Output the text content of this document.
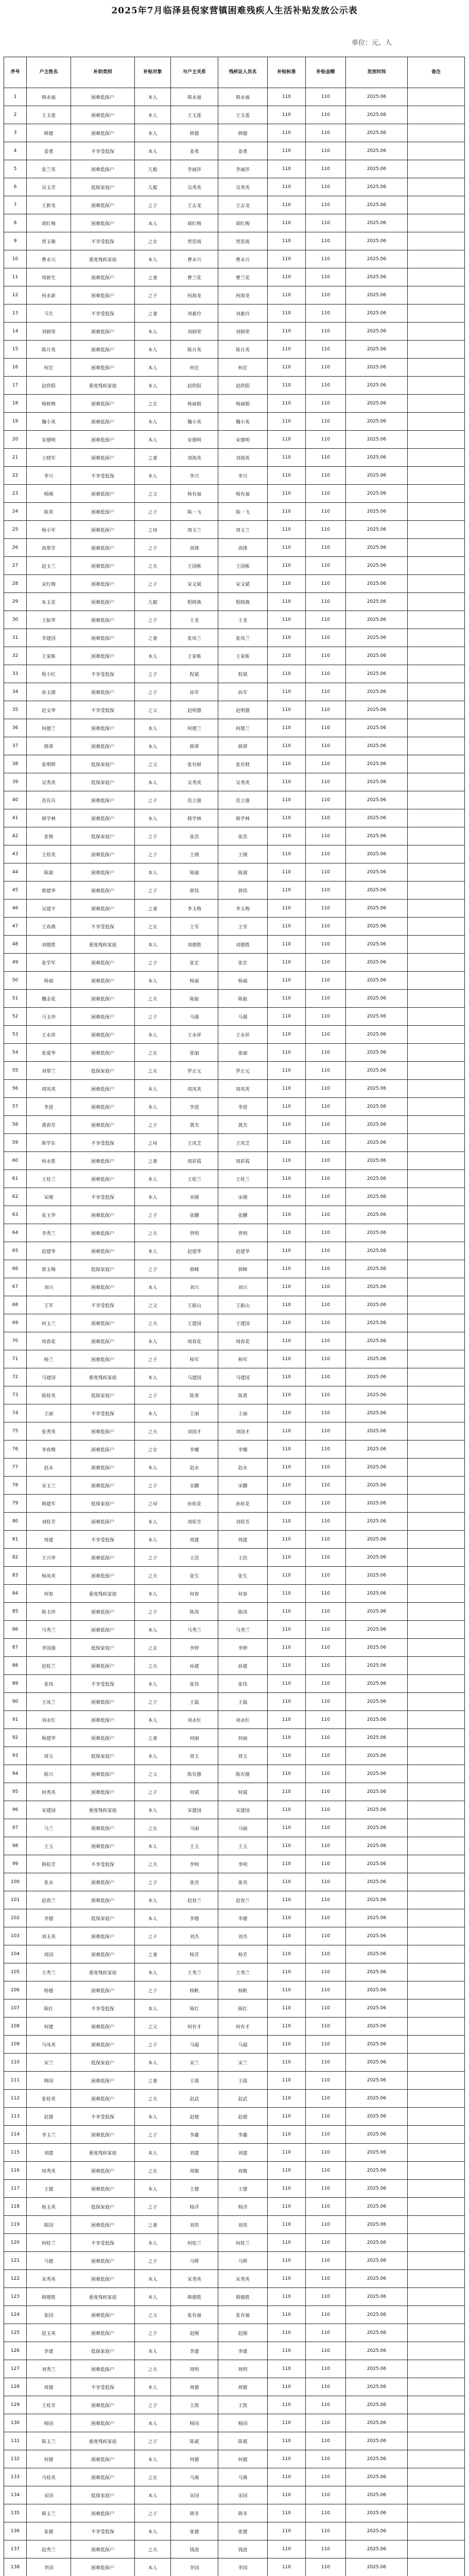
2025年7月临泽县倪家营镇困难残疾人生活补贴发放公示表
单位：元、人
序号	户主姓名	补助类别	补贴对象	与户主关系	残疾证人员名	补贴标准	补贴金额	发放时间	备注
1	韩永福	困难低保户	本人	韩永福	韩永福	110	110	2025.06	
2	王玉莲	困难低保户	本人	王玉莲	王玉莲	110	110	2025.06	
3	韩德	困难低保户	本人	韩德	韩德	110	110	2025.06	
4	姜勇	不享受低保	本人	姜勇	姜勇	110	110	2025.06	
5	张兰英	困难低保户	儿媳	李丽莎	李丽莎	110	110	2025.06	
6	吴玉芳	低保家庭户	儿媳	吴秀英	吴秀英	110	110	2025.06	
7	王新龙	困难低保户	之子	王志龙	王志龙	110	110	2025.06	
8	胡红梅	困难低保户	本人	胡红梅	胡红梅	110	110	2025.06	
9	贾玉敏	不享受低保	之女	贾思雨	贾思雨	110	110	2025.06	
10	曹永兴	重度残疾家庭	本人	曹永兴	曹永兴	110	110	2025.06	
11	周新生	困难低保户	之妻	曹兰花	曹兰花	110	110	2025.06	
12	何永新	困难低保户	之子	何海龙	何海龙	110	110	2025.06	
13	马生	不享受低保	之妻	刘素玲	刘素玲	110	110	2025.06	
14	刘炳荣	困难低保户	本人	刘炳荣	刘炳荣	110	110	2025.06	
15	陈月英	困难低保户	本人	陈月英	陈月英	110	110	2025.06	
16	何宏	困难低保户	本人	何宏	何宏	110	110	2025.06	
17	赵欣阳	重度残疾家庭	本人	赵欣阳	赵欣阳	110	110	2025.06	
18	杨秋梅	困难低保户	之女	杨丽娟	杨丽娟	110	110	2025.06	
19	魏小英	困难低保户	本人	魏小英	魏小英	110	110	2025.06	
20	宋德明	困难低保户	本人	宋德明	宋德明	110	110	2025.06	
21	王晓军	困难低保户	之妻	刘海英	刘海英	110	110	2025.06	
22	李兴	不享受低保	本人	李兴	李兴	110	110	2025.06	
23	杨刚	困难低保户	之父	杨有福	杨有福	110	110	2025.06	
24	陈英	困难低保户	之子	陈一飞	陈一飞	110	110	2025.06	
25	杨小军	困难低保户	之母	周玉兰	周玉兰	110	110	2025.06	
26	高翠芳	困难低保户	之子	高锋	高锋	110	110	2025.06	
27	赵玉兰	困难低保户	之夫	王国栋	王国栋	110	110	2025.06	
28	宋红梅	困难低保户	之子	宋文斌	宋文斌	110	110	2025.06	
29	朱玉花	困难低保户	儿媳	程晓燕	程晓燕	110	110	2025.06	
30	王振华	困难低保户	之子	王龙	王龙	110	110	2025.06	
31	李建国	困难低保户	之妻	张凤兰	张凤兰	110	110	2025.06	
32	王家栋	困难低保户	本人	王家栋	王家栋	110	110	2025.06	
33	程小红	不享受低保	之子	程斌	程斌	110	110	2025.06	
34	孙玉德	困难低保户	之子	孙军	孙军	110	110	2025.06	
35	赵文华	不享受低保	之父	赵明德	赵明德	110	110	2025.06	
36	何德兰	困难低保户	本人	何德兰	何德兰	110	110	2025.06	
37	韩翠	困难低保户	本人	韩翠	韩翠	110	110	2025.06	
38	张明辉	低保家庭户	之父	张有财	张有财	110	110	2025.06	
39	吴秀英	低保家庭户	本人	吴秀英	吴秀英	110	110	2025.06	
40	范有兵	困难低保户	之子	范立强	范立强	110	110	2025.06	
41	韩学林	困难低保户	本人	韩学林	韩学林	110	110	2025.06	
42	张俊	低保家庭户	之子	张浩	张浩	110	110	2025.06	
43	王桂英	困难低保户	之子	王刚	王刚	110	110	2025.06	
44	陈淑	困难低保户	本人	陈淑	陈淑	110	110	2025.06	
45	郭建华	困难低保户	之子	郭伟	郭伟	110	110	2025.06	
46	吴建平	困难低保户	之妻	李玉梅	李玉梅	110	110	2025.06	
47	王春燕	不享受低保	之女	王雪	王雪	110	110	2025.06	
48	刘德胜	重度残疾家庭	本人	刘德胜	刘德胜	110	110	2025.06	
49	张学军	困难低保户	之子	张宏	张宏	110	110	2025.06	
50	杨福	困难低保户	本人	杨福	杨福	110	110	2025.06	
51	魏金花	困难低保户	之夫	陈振	陈振	110	110	2025.06	
52	马玉珍	困难低保户	之子	马强	马强	110	110	2025.06	
53	王永祥	困难低保户	本人	王永祥	王永祥	110	110	2025.06	
54	张爱华	困难低保户	之女	张丽	张丽	110	110	2025.06	
55	刘翠兰	低保家庭户	之夫	罗正元	罗正元	110	110	2025.06	
56	周凤英	困难低保户	本人	周凤英	周凤英	110	110	2025.06	
57	李进	困难低保户	本人	李进	李进	110	110	2025.06	
58	黄春芳	困难低保户	之子	黄杰	黄杰	110	110	2025.06	
59	陈学东	不享受低保	之母	王凤芝	王凤芝	110	110	2025.06	
60	何永胜	困难低保户	之妻	周彩霞	周彩霞	110	110	2025.06	
61	王桂兰	困难低保户	本人	王桂兰	王桂兰	110	110	2025.06	
62	宋刚	不享受低保	本人	宋刚	宋刚	110	110	2025.06	
63	张玉华	困难低保户	之子	张鹏	张鹏	110	110	2025.06	
64	李秀兰	困难低保户	之夫	贾明	贾明	110	110	2025.06	
65	赵建华	困难低保户	本人	赵建华	赵建华	110	110	2025.06	
66	郭玉梅	低保家庭户	之子	郭峰	郭峰	110	110	2025.06	
67	刘兴	困难低保户	本人	刘兴	刘兴	110	110	2025.06	
68	王军	不享受低保	之父	王振山	王振山	110	110	2025.06	
69	何玉兰	困难低保户	之夫	王建国	王建国	110	110	2025.06	
70	周春花	困难低保户	本人	周春花	周春花	110	110	2025.06	
71	杨兰	困难低保户	之子	杨军	杨军	110	110	2025.06	
72	马建国	重度残疾家庭	本人	马建国	马建国	110	110	2025.06	
73	陈桂英	低保家庭户	之子	陈勇	陈勇	110	110	2025.06	
74	王丽	不享受低保	本人	王丽	王丽	110	110	2025.06	
75	张秀英	困难低保户	之夫	刘国才	刘国才	110	110	2025.06	
76	李春梅	困难低保户	之女	李娜	李娜	110	110	2025.06	
77	赵永	困难低保户	本人	赵永	赵永	110	110	2025.06	
78	宋玉兰	困难低保户	之子	宋鹏	宋鹏	110	110	2025.06	
79	韩建军	低保家庭户	之母	孙桂花	孙桂花	110	110	2025.06	
80	刘桂芳	困难低保户	本人	刘桂芳	刘桂芳	110	110	2025.06	
81	周建	不享受低保	本人	周建	周建	110	110	2025.06	
82	王兴华	困难低保户	之子	王浩	王浩	110	110	2025.06	
83	杨凤英	困难低保户	之夫	张生	张生	110	110	2025.06	
84	何春	重度残疾家庭	本人	何春	何春	110	110	2025.06	
85	陈玉珍	困难低保户	之子	陈涛	陈涛	110	110	2025.06	
86	马秀兰	困难低保户	本人	马秀兰	马秀兰	110	110	2025.06	
87	李国强	低保家庭户	之女	李婷	李婷	110	110	2025.06	
88	赵桂兰	困难低保户	之夫	孙建	孙建	110	110	2025.06	
89	张伟	不享受低保	本人	张伟	张伟	110	110	2025.06	
90	王凤兰	困难低保户	之子	王磊	王磊	110	110	2025.06	
91	刘永红	困难低保户	本人	刘永红	刘永红	110	110	2025.06	
92	杨建华	困难低保户	之妻	何丽	何丽	110	110	2025.06	
93	周玉	低保家庭户	本人	周玉	周玉	110	110	2025.06	
94	陈兴	困难低保户	之父	陈有德	陈有德	110	110	2025.06	
95	何秀英	困难低保户	之子	何斌	何斌	110	110	2025.06	
96	宋建国	重度残疾家庭	本人	宋建国	宋建国	110	110	2025.06	
97	马兰	困难低保户	之女	马丽	马丽	110	110	2025.06	
98	王玉	困难低保户	本人	王玉	王玉	110	110	2025.06	
99	韩桂芳	不享受低保	之夫	李明	李明	110	110	2025.06	
100	张永	困难低保户	之子	张亮	张亮	110	110	2025.06	
101	赵春兰	困难低保户	本人	赵春兰	赵春兰	110	110	2025.06	
102	李德	低保家庭户	本人	李德	李德	110	110	2025.06	
103	刘玉英	困难低保户	之子	刘杰	刘杰	110	110	2025.06	
104	周国	困难低保户	之妻	杨芳	杨芳	110	110	2025.06	
105	王秀兰	重度残疾家庭	本人	王秀兰	王秀兰	110	110	2025.06	
106	杨德	困难低保户	之子	杨帆	杨帆	110	110	2025.06	
107	陈红	不享受低保	本人	陈红	陈红	110	110	2025.06	
108	何建	困难低保户	之父	何有才	何有才	110	110	2025.06	
109	马凤英	困难低保户	之子	马超	马超	110	110	2025.06	
110	宋兰	低保家庭户	本人	宋兰	宋兰	110	110	2025.06	
111	韩国	困难低保户	之妻	王霞	王霞	110	110	2025.06	
112	张桂英	困难低保户	之夫	赵武	赵武	110	110	2025.06	
113	赵德	不享受低保	本人	赵德	赵德	110	110	2025.06	
114	李玉兰	困难低保户	之子	李鑫	李鑫	110	110	2025.06	
115	刘建	重度残疾家庭	本人	刘建	刘建	110	110	2025.06	
116	周秀英	困难低保户	之女	周敏	周敏	110	110	2025.06	
117	王德	困难低保户	本人	王德	王德	110	110	2025.06	
118	杨玉英	低保家庭户	之子	杨洋	杨洋	110	110	2025.06	
119	陈国	困难低保户	之妻	刘英	刘英	110	110	2025.06	
120	何桂兰	不享受低保	本人	何桂兰	何桂兰	110	110	2025.06	
121	马德	困难低保户	之子	马辉	马辉	110	110	2025.06	
122	宋秀英	困难低保户	本人	宋秀英	宋秀英	110	110	2025.06	
123	韩德胜	重度残疾家庭	本人	韩德胜	韩德胜	110	110	2025.06	
124	张国	困难低保户	之父	张有福	张有福	110	110	2025.06	
125	赵玉英	困难低保户	之子	赵刚	赵刚	110	110	2025.06	
126	李建	低保家庭户	本人	李建	李建	110	110	2025.06	
127	刘秀兰	困难低保户	之夫	周明	周明	110	110	2025.06	
128	周德	不享受低保	本人	周德	周德	110	110	2025.06	
129	王桂芳	困难低保户	之子	王凯	王凯	110	110	2025.06	
130	杨国	困难低保户	本人	杨国	杨国	110	110	2025.06	
131	陈玉兰	重度残疾家庭	之子	陈斌	陈斌	110	110	2025.06	
132	何德	困难低保户	本人	何德	何德	110	110	2025.06	
133	马桂英	困难低保户	之女	马燕	马燕	110	110	2025.06	
134	宋国	低保家庭户	本人	宋国	宋国	110	110	2025.06	
135	韩玉兰	困难低保户	之子	韩冬	韩冬	110	110	2025.06	
136	张德	不享受低保	本人	张德	张德	110	110	2025.06	
137	赵秀兰	困难低保户	之夫	钱进	钱进	110	110	2025.06	
138	李国	困难低保户	本人	李国	李国	110	110	2025.06	
